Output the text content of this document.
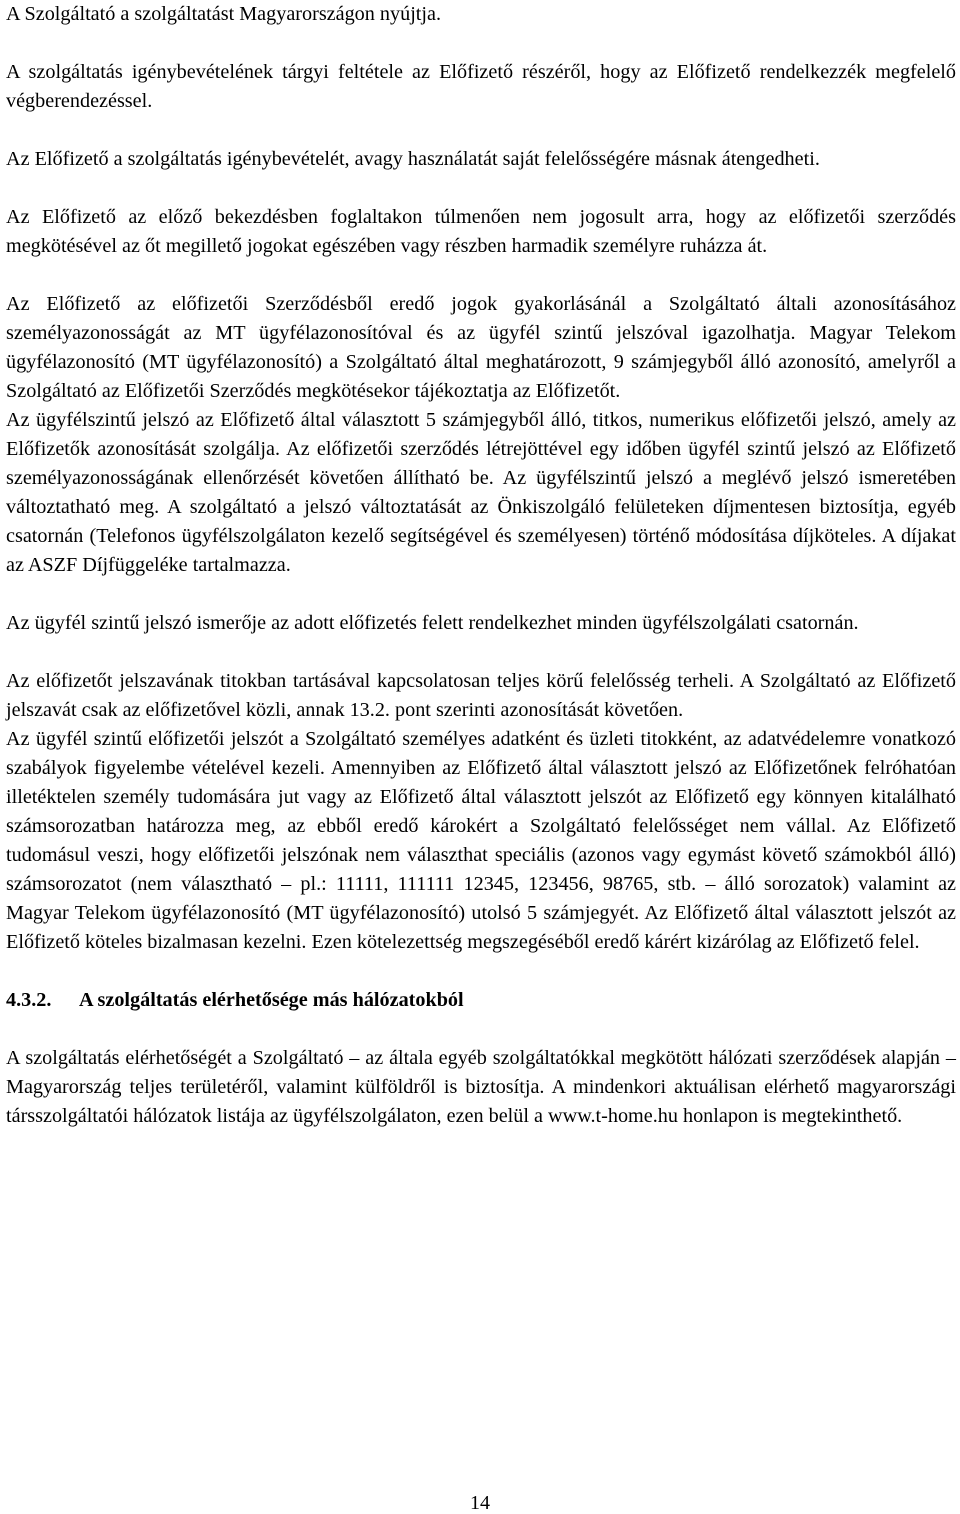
A Szolgáltató a szolgáltatást Magyarországon nyújtja.

A szolgáltatás igénybevételének tárgyi feltétele az Előfizető részéről, hogy az Előfizető rendelkezzék megfelelő végberendezéssel.

Az Előfizető a szolgáltatás igénybevételét, avagy használatát saját felelősségére másnak átengedheti.

Az Előfizető az előző bekezdésben foglaltakon túlmenően nem jogosult arra, hogy az előfizetői szerződés megkötésével az őt megillető jogokat egészében vagy részben harmadik személyre ruházza át.

Az Előfizető az előfizetői Szerződésből eredő jogok gyakorlásánál a Szolgáltató általi azonosításához személyazonosságát az MT ügyfélazonosítóval és az ügyfél szintű jelszóval igazolhatja. Magyar Telekom ügyfélazonosító (MT ügyfélazonosító) a Szolgáltató által meghatározott, 9 számjegyből álló azonosító, amelyről a Szolgáltató az Előfizetői Szerződés megkötésekor tájékoztatja az Előfizetőt.

Az ügyfélszintű jelszó az Előfizető által választott 5 számjegyből álló, titkos, numerikus előfizetői jelszó, amely az Előfizetők azonosítását szolgálja. Az előfizetői szerződés létrejöttével egy időben ügyfél szintű jelszó az Előfizető személyazonosságának ellenőrzését követően állítható be. Az ügyfélszintű jelszó a meglévő jelszó ismeretében változtatható meg. A szolgáltató a jelszó változtatását az Önkiszolgáló felületeken díjmentesen biztosítja, egyéb csatornán (Telefonos ügyfélszolgálaton kezelő segítségével és személyesen) történő módosítása díjköteles. A díjakat az ASZF Díjfüggeléke tartalmazza.

Az ügyfél szintű jelszó ismerője az adott előfizetés felett rendelkezhet minden ügyfélszolgálati csatornán.

Az előfizetőt jelszavának titokban tartásával kapcsolatosan teljes körű felelősség terheli. A Szolgáltató az Előfizető jelszavát csak az előfizetővel közli, annak 13.2. pont szerinti azonosítását követően.

Az ügyfél szintű előfizetői jelszót a Szolgáltató személyes adatként és üzleti titokként, az adatvédelemre vonatkozó szabályok figyelembe vételével kezeli. Amennyiben az Előfizető által választott jelszó az Előfizetőnek felróhatóan illetéktelen személy tudomására jut vagy az Előfizető által választott jelszót az Előfizető egy könnyen kitalálható számsorozatban határozza meg, az ebből eredő károkért a Szolgáltató felelősséget nem vállal. Az Előfizető tudomásul veszi, hogy előfizetői jelszónak nem választhat speciális (azonos vagy egymást követő számokból álló) számsorozatot (nem választható – pl.: 11111, 111111 12345, 123456, 98765, stb. – álló sorozatok) valamint az Magyar Telekom ügyfélazonosító (MT ügyfélazonosító) utolsó 5 számjegyét. Az Előfizető által választott jelszót az Előfizető köteles bizalmasan kezelni. Ezen kötelezettség megszegéséből eredő kárért kizárólag az Előfizető felel.

4.3.2. A szolgáltatás elérhetősége más hálózatokból

A szolgáltatás elérhetőségét a Szolgáltató – az általa egyéb szolgáltatókkal megkötött hálózati szerződések alapján – Magyarország teljes területéről, valamint külföldről is biztosítja. A mindenkori aktuálisan elérhető magyarországi társszolgáltatói hálózatok listája az ügyfélszolgálaton, ezen belül a www.t-home.hu honlapon is megtekinthető.

14
